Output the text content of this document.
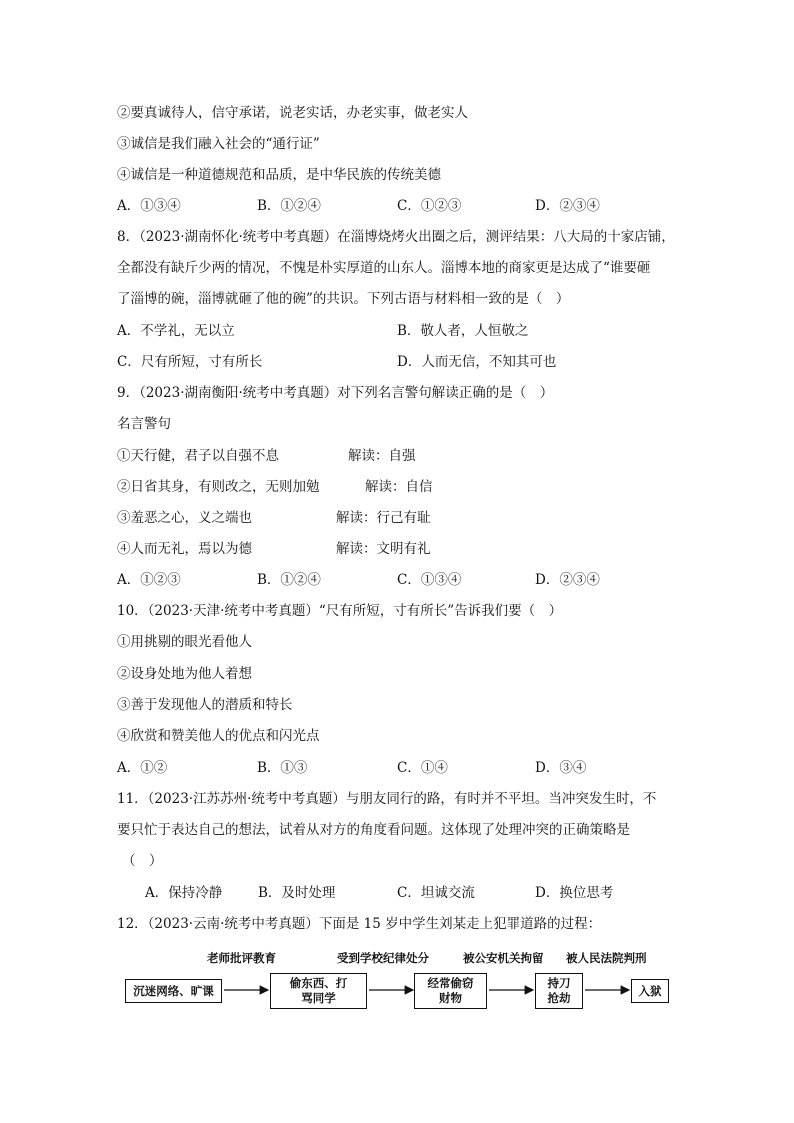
②要真诚待人，信守承诺，说老实话，办老实事，做老实人
③诚信是我们融入社会的“通行证”
④诚信是一种道德规范和品质，是中华民族的传统美德
A．①③④	B．①②④	C．①②③	D．②③④
8．（2023·湖南怀化·统考中考真题）在淄博烧烤火出圈之后，测评结果：八大局的十家店铺，
全都没有缺斤少两的情况，不愧是朴实厚道的山东人。淄博本地的商家更是达成了“谁要砸
了淄博的碗，淄博就砸了他的碗”的共识。下列古语与材料相一致的是（　）
A．不学礼，无以立	B．敬人者，人恒敬之
C．尺有所短，寸有所长	D．人而无信，不知其可也
9．（2023·湖南衡阳·统考中考真题）对下列名言警句解读正确的是（　）
名言警句
①天行健，君子以自强不息	解读：自强
②日省其身，有则改之，无则加勉	解读：自信
③羞恶之心，义之端也	解读：行己有耻
④人而无礼，焉以为德	解读：文明有礼
A．①②③	B．①②④	C．①③④	D．②③④
10．（2023·天津·统考中考真题）“尺有所短，寸有所长”告诉我们要（　）
①用挑剔的眼光看他人
②设身处地为他人着想
③善于发现他人的潜质和特长
④欣赏和赞美他人的优点和闪光点
A．①②	B．①③	C．①④	D．③④
11．（2023·江苏苏州·统考中考真题）与朋友同行的路，有时并不平坦。当冲突发生时，不
要只忙于表达自己的想法，试着从对方的角度看问题。这体现了处理冲突的正确策略是
（　）
A．保持冷静	B．及时处理	C．坦诚交流	D．换位思考
12．（2023·云南·统考中考真题）下面是 15 岁中学生刘某走上犯罪道路的过程：
老师批评教育	受到学校纪律处分	被公安机关拘留 被人民法院判刑
沉迷网络、旷课
偷东西、打
骂同学
经常偷窃
财物
持刀
抢劫
入狱
